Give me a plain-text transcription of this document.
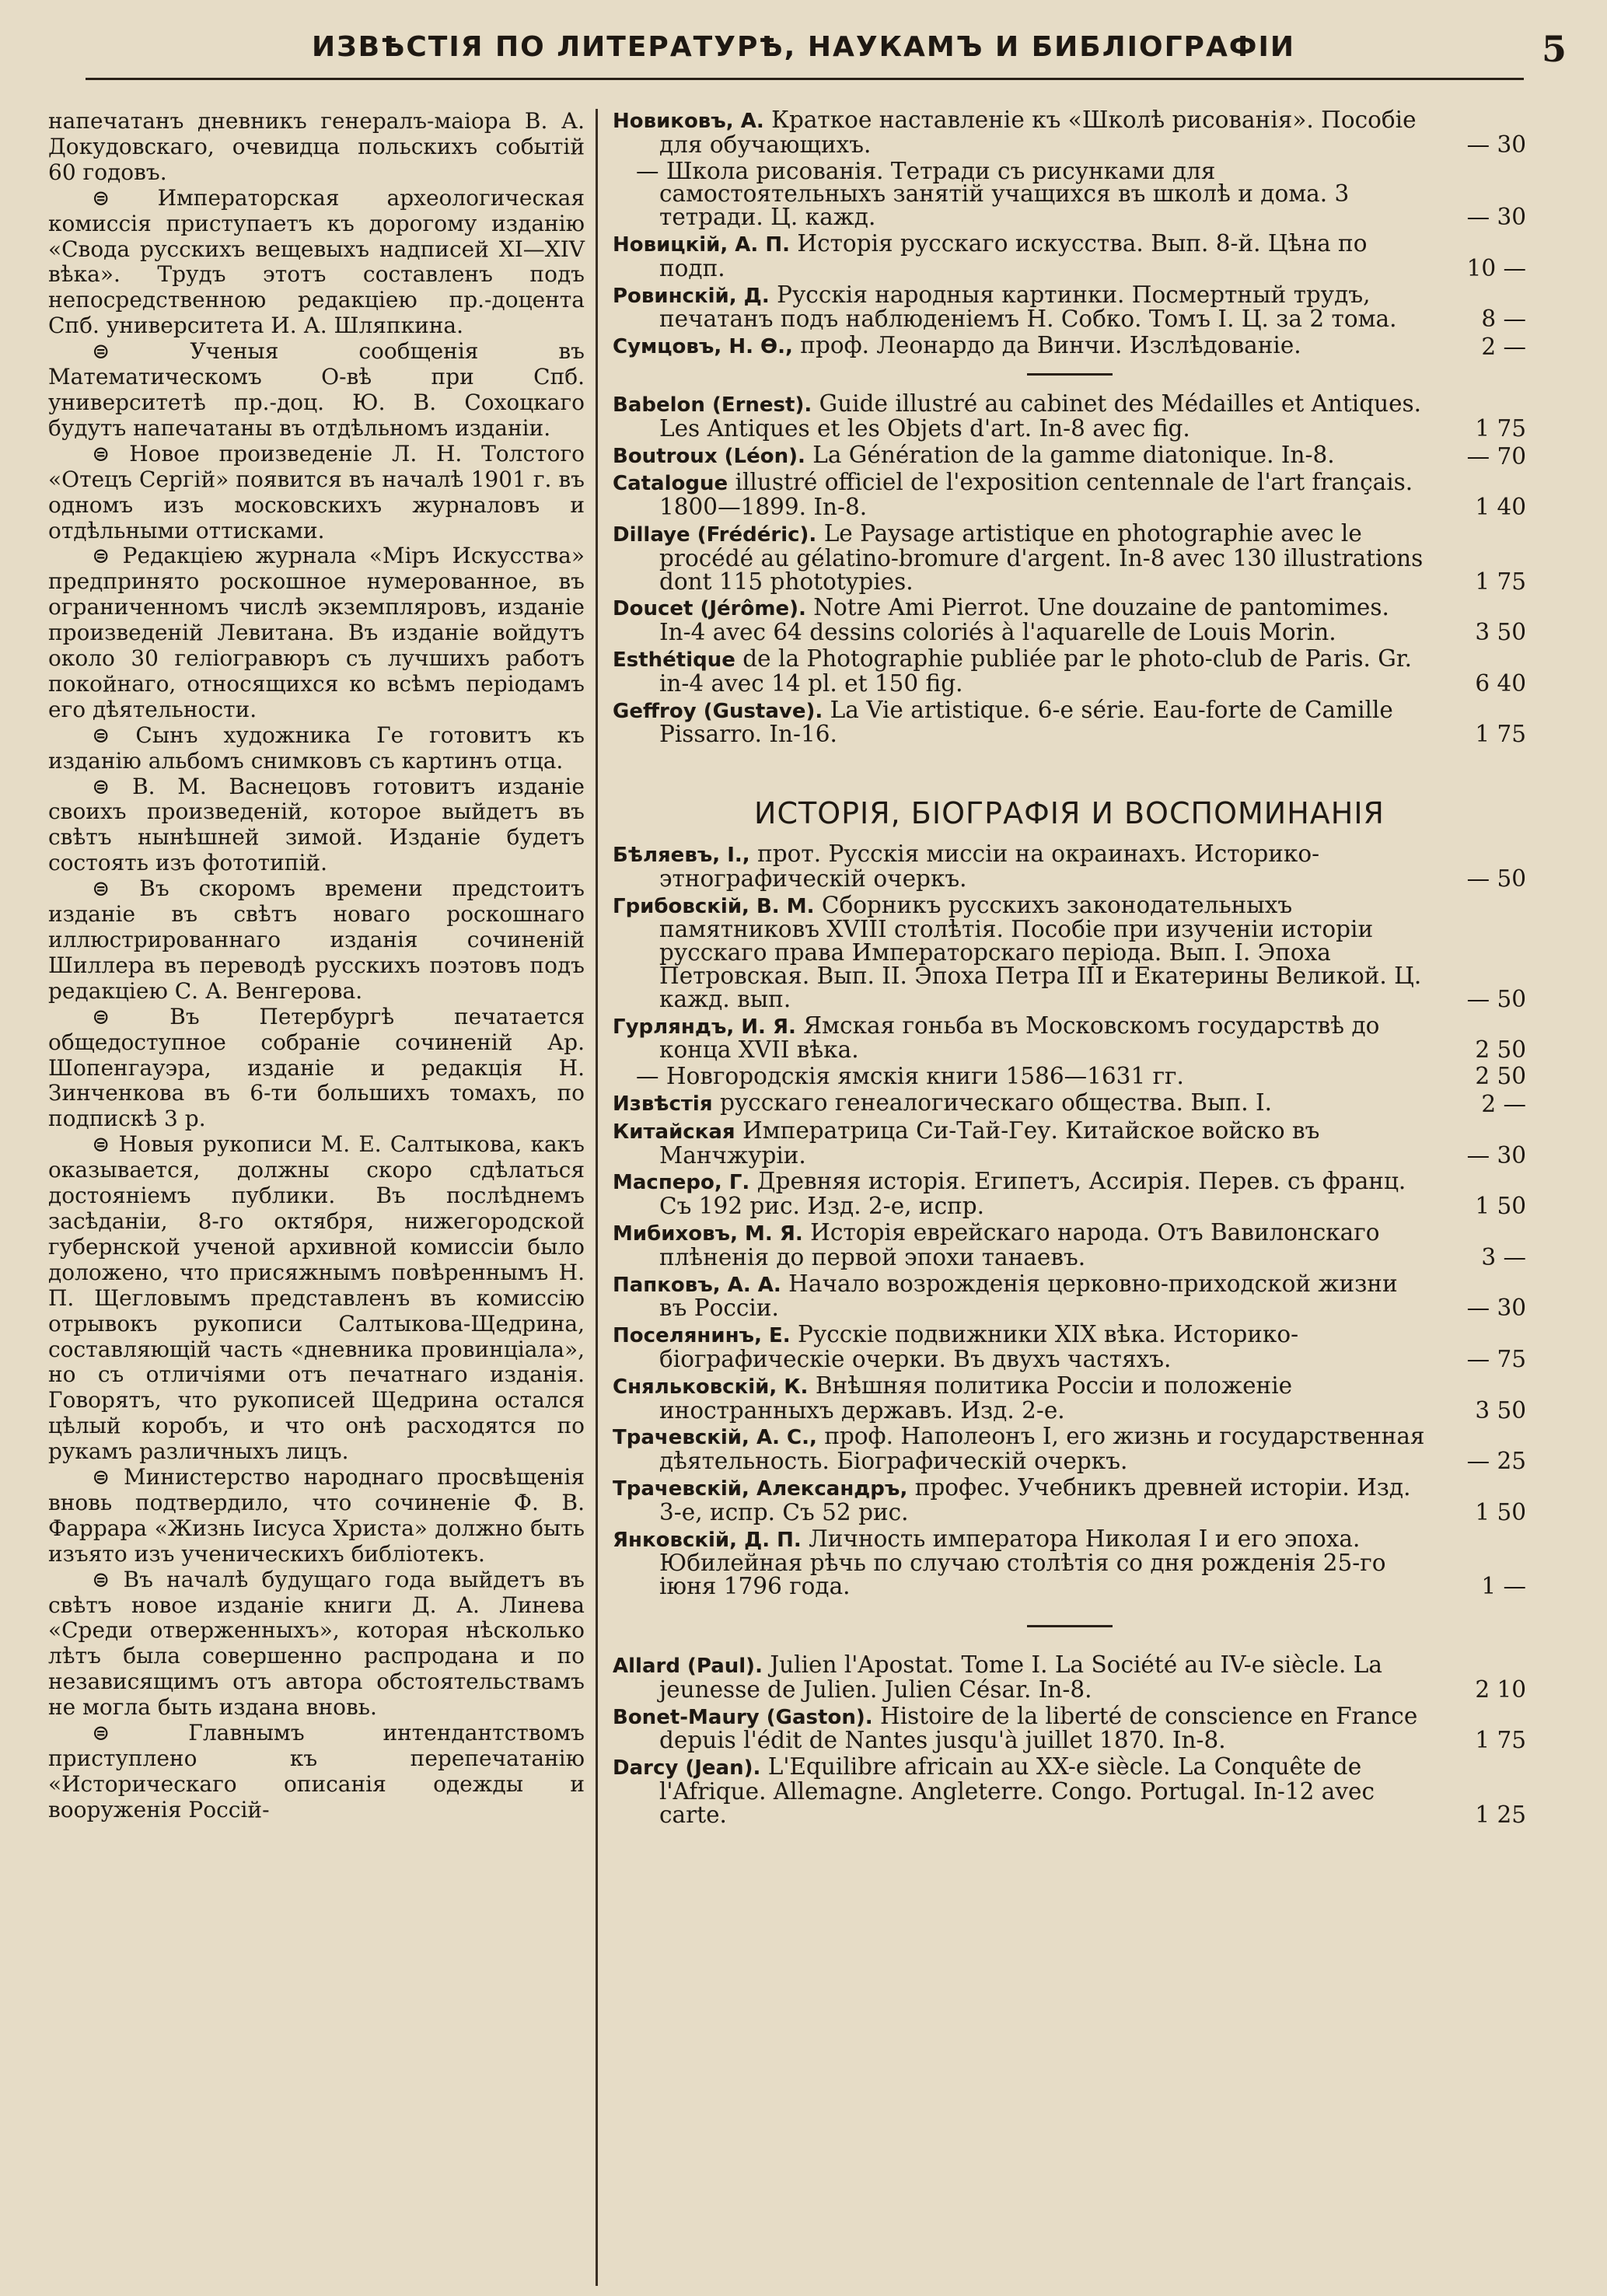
ИЗВѢСТІЯ ПО ЛИТЕРАТУРѢ, НАУКАМЪ И БИБЛІОГРАФІИ	5

напечатанъ дневникъ генералъ-маіора В. А. Докудовскаго, очевидца польскихъ событій 60 годовъ.

⊜ Императорская археологическая комиссія приступаетъ къ дорогому изданію «Свода русскихъ вещевыхъ надписей XI—XIV вѣка». Трудъ этотъ составленъ подъ непосредственною редакціею пр.-доцента Спб. университета И. А. Шляпкина.

⊜ Ученыя сообщенія въ Математическомъ О-вѣ при Спб. университетѣ пр.-доц. Ю. В. Сохоцкаго будутъ напечатаны въ отдѣльномъ изданіи.

⊜ Новое произведеніе Л. Н. Толстого «Отецъ Сергій» появится въ началѣ 1901 г. въ одномъ изъ московскихъ журналовъ и отдѣльными оттисками.

⊜ Редакціею журнала «Міръ Искусства» предпринято роскошное нумерованное, въ ограниченномъ числѣ экземпляровъ, изданіе произведеній Левитана. Въ изданіе войдутъ около 30 геліогравюръ съ лучшихъ работъ покойнаго, относящихся ко всѣмъ періодамъ его дѣятельности.

⊜ Сынъ художника Ге готовитъ къ изданію альбомъ снимковъ съ картинъ отца.

⊜ В. М. Васнецовъ готовитъ изданіе своихъ произведеній, которое выйдетъ въ свѣтъ нынѣшней зимой. Изданіе будетъ состоять изъ фототипій.

⊜ Въ скоромъ времени предстоитъ изданіе въ свѣтъ новаго роскошнаго иллюстрированнаго изданія сочиненій Шиллера въ переводѣ русскихъ поэтовъ подъ редакціею С. А. Венгерова.

⊜ Въ Петербургѣ печатается общедоступное собраніе сочиненій Ар. Шопенгауэра, изданіе и редакція Н. Зинченкова въ 6-ти большихъ томахъ, по подпискѣ 3 р.

⊜ Новыя рукописи М. Е. Салтыкова, какъ оказывается, должны скоро сдѣлаться достояніемъ публики. Въ послѣднемъ засѣданіи, 8-го октября, нижегородской губернской ученой архивной комиссіи было доложено, что присяжнымъ повѣреннымъ Н. П. Щегловымъ представленъ въ комиссію отрывокъ рукописи Салтыкова-Щедрина, составляющій часть «дневника провинціала», но съ отличіями отъ печатнаго изданія. Говорятъ, что рукописей Щедрина остался цѣлый коробъ, и что онѣ расходятся по рукамъ различныхъ лицъ.

⊜ Министерство народнаго просвѣщенія вновь подтвердило, что сочиненіе Ф. В. Фаррара «Жизнь Іисуса Христа» должно быть изъято изъ ученическихъ библіотекъ.

⊜ Въ началѣ будущаго года выйдетъ въ свѣтъ новое изданіе книги Д. А. Линева «Среди отверженныхъ», которая нѣсколько лѣтъ была совершенно распродана и по независящимъ отъ автора обстоятельствамъ не могла быть издана вновь.

⊜ Главнымъ интендантствомъ приступлено къ перепечатанію «Историческаго описанія одежды и вооруженія Россій-

Новиковъ, А. Краткое наставленіе къ «Школѣ рисованія». Пособіе для обучающихъ.	— 30
— Школа рисованія. Тетради съ рисунками для самостоятельныхъ занятій учащихся въ школѣ и дома. 3 тетради. Ц. кажд.	— 30
Новицкій, А. П. Исторія русскаго искусства. Вып. 8-й. Цѣна по подп.	10 —
Ровинскій, Д. Русскія народныя картинки. Посмертный трудъ, печатанъ подъ наблюденіемъ Н. Собко. Томъ I. Ц. за 2 тома.	8 —
Сумцовъ, Н. Ѳ., проф. Леонардо да Винчи. Изслѣдованіе.	2 —
Babelon (Ernest). Guide illustré au cabinet des Médailles et Antiques. Les Antiques et les Objets d'art. In-8 avec fig.	1 75
Boutroux (Léon). La Génération de la gamme diatonique. In-8.	— 70
Catalogue illustré officiel de l'exposition centennale de l'art français. 1800—1899. In-8.	1 40
Dillaye (Frédéric). Le Paysage artistique en photographie avec le procédé au gélatino-bromure d'argent. In-8 avec 130 illustrations dont 115 phototypies.	1 75
Doucet (Jérôme). Notre Ami Pierrot. Une douzaine de pantomimes. In-4 avec 64 dessins coloriés à l'aquarelle de Louis Morin.	3 50
Esthétique de la Photographie publiée par le photo-club de Paris. Gr. in-4 avec 14 pl. et 150 fig.	6 40
Geffroy (Gustave). La Vie artistique. 6-e série. Eau-forte de Camille Pissarro. In-16.	1 75
ИСТОРІЯ, БІОГРАФІЯ И ВОСПОМИНАНІЯ
Бѣляевъ, І., прот. Русскія миссіи на окраинахъ. Историко-этнографическій очеркъ.	— 50
Грибовскій, В. М. Сборникъ русскихъ законодательныхъ памятниковъ XVIII столѣтія. Пособіе при изученіи исторіи русскаго права Императорскаго періода. Вып. I. Эпоха Петровская. Вып. II. Эпоха Петра III и Екатерины Великой. Ц. кажд. вып.	— 50
Гурляндъ, И. Я. Ямская гоньба въ Московскомъ государствѣ до конца XVII вѣка.	2 50
— Новгородскія ямскія книги 1586—1631 гг.	2 50
Извѣстія русскаго генеалогическаго общества. Вып. I.	2 —
Китайская Императрица Си-Тай-Геу. Китайское войско въ Манчжуріи.	— 30
Масперо, Г. Древняя исторія. Египетъ, Ассирія. Перев. съ франц. Съ 192 рис. Изд. 2-е, испр.	1 50
Мибиховъ, М. Я. Исторія еврейскаго народа. Отъ Вавилонскаго плѣненія до первой эпохи танаевъ.	3 —
Папковъ, А. А. Начало возрожденія церковно-приходской жизни въ Россіи.	— 30
Поселянинъ, Е. Русскіе подвижники XIX вѣка. Историко-біографическіе очерки. Въ двухъ частяхъ.	— 75
Сняльковскій, К. Внѣшняя политика Россіи и положеніе иностранныхъ державъ. Изд. 2-е.	3 50
Трачевскій, А. С., проф. Наполеонъ I, его жизнь и государственная дѣятельность. Біографическій очеркъ.	— 25
Трачевскій, Александръ, профес. Учебникъ древней исторіи. Изд. 3-е, испр. Съ 52 рис.	1 50
Янковскій, Д. П. Личность императора Николая I и его эпоха. Юбилейная рѣчь по случаю столѣтія со дня рожденія 25-го іюня 1796 года.	1 —
Allard (Paul). Julien l'Apostat. Tome I. La Société au IV-e siècle. La jeunesse de Julien. Julien César. In-8.	2 10
Bonet-Maury (Gaston). Histoire de la liberté de conscience en France depuis l'édit de Nantes jusqu'à juillet 1870. In-8.	1 75
Darcy (Jean). L'Equilibre africain au XX-e siècle. La Conquête de l'Afrique. Allemagne. Angleterre. Congo. Portugal. In-12 avec carte.	1 25
